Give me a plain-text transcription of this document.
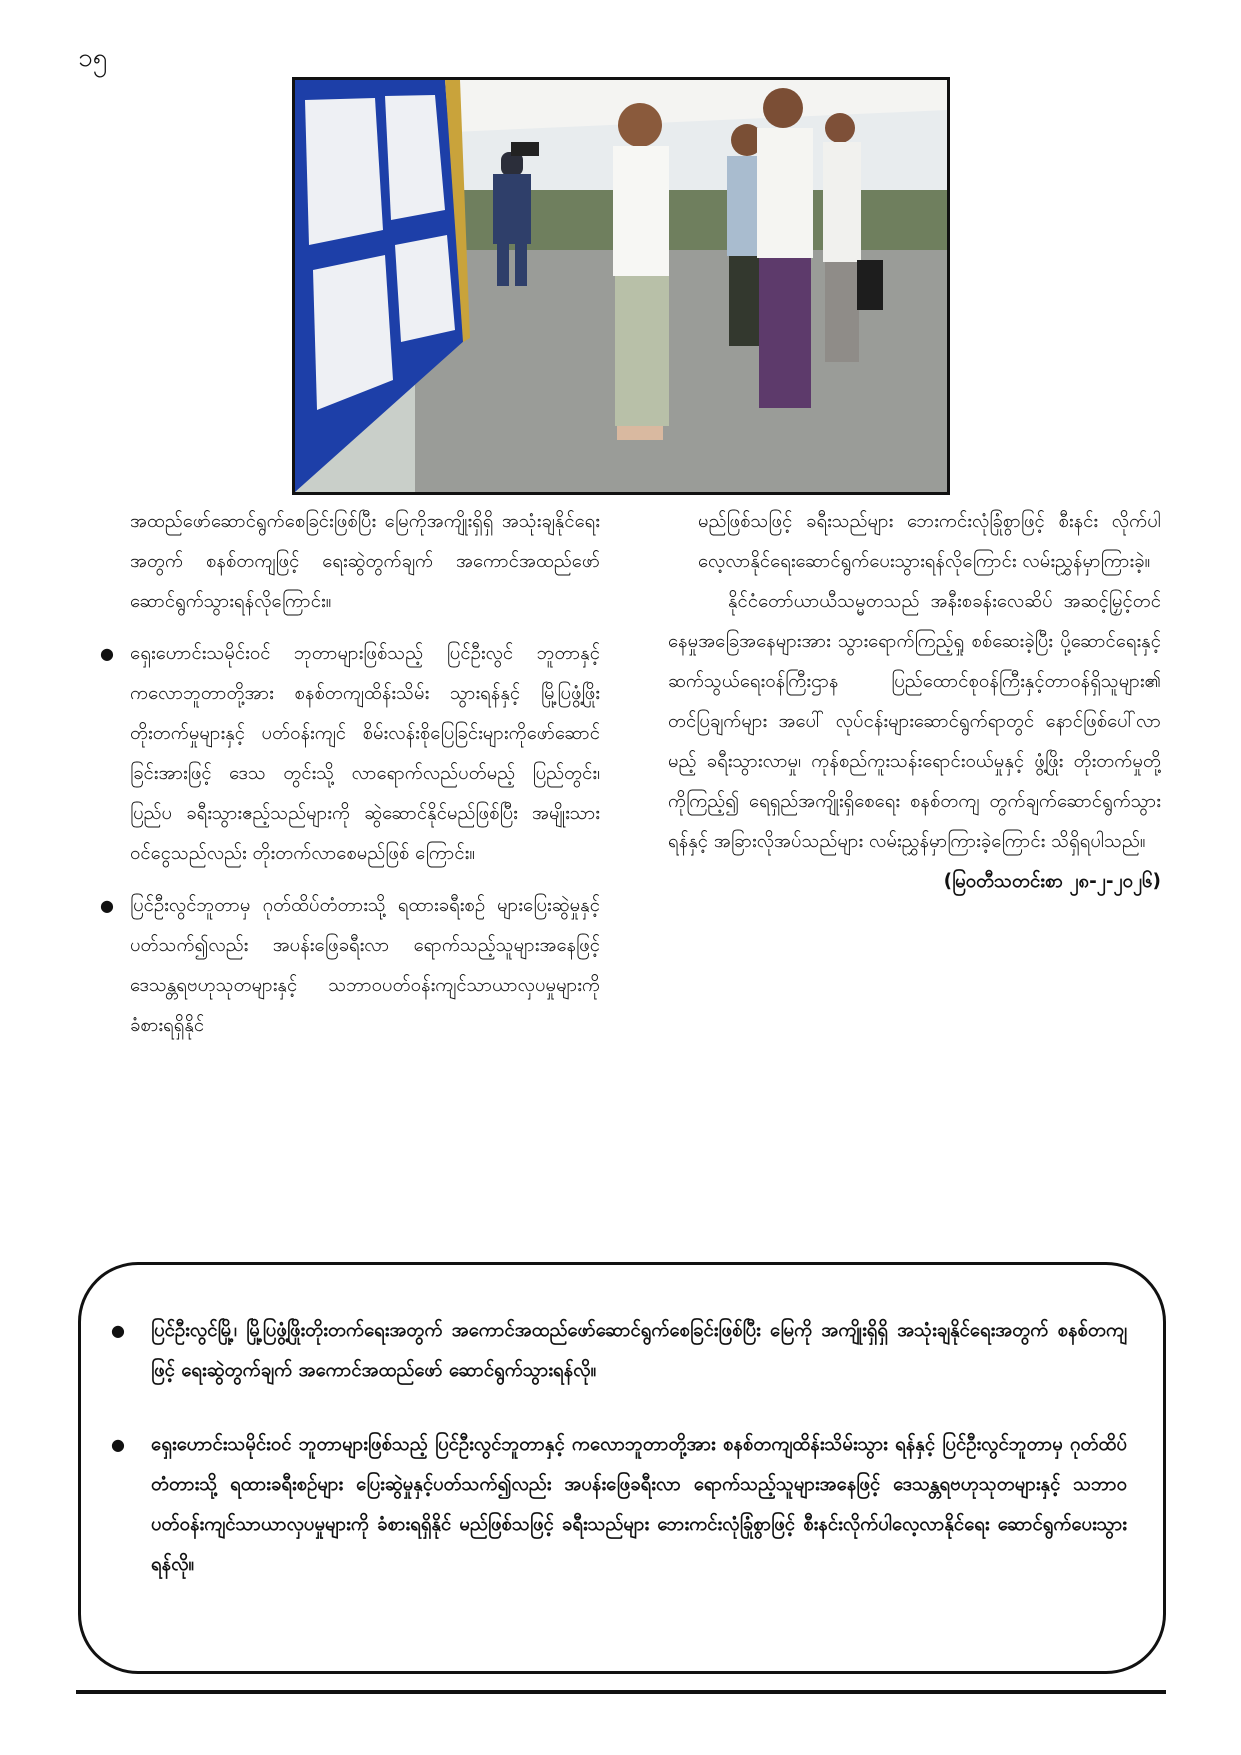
၁၅

အထည်ဖော်ဆောင်ရွက်စေခြင်းဖြစ်ပြီး မြေကိုအကျိုးရှိရှိ အသုံးချနိုင်ရေးအတွက် စနစ်တကျဖြင့် ရေးဆွဲတွက်ချက် အကောင်အထည်ဖော် ဆောင်ရွက်သွားရန်လိုကြောင်း။

● ရှေးဟောင်းသမိုင်းဝင် ဘုတာများဖြစ်သည့် ပြင်ဦးလွင် ဘူတာနှင့် ကလောဘူတာတို့အား စနစ်တကျထိန်းသိမ်း သွားရန်နှင့် မြို့ပြဖွံ့ဖြိုးတိုးတက်မှုများနှင့် ပတ်ဝန်းကျင် စိမ်းလန်းစိုပြေခြင်းများကိုဖော်ဆောင်ခြင်းအားဖြင့် ဒေသ တွင်းသို့ လာရောက်လည်ပတ်မည့် ပြည်တွင်း၊ ပြည်ပ ခရီးသွားဧည့်သည်များကို ဆွဲဆောင်နိုင်မည်ဖြစ်ပြီး အမျိုးသားဝင်ငွေသည်လည်း တိုးတက်လာစေမည်ဖြစ် ကြောင်း။
● ပြင်ဦးလွင်ဘူတာမှ ဂုတ်ထိပ်တံတားသို့ ရထားခရီးစဉ် များပြေးဆွဲမှုနှင့်ပတ်သက်၍လည်း အပန်းဖြေခရီးလာ ရောက်သည့်သူများအနေဖြင့် ဒေသန္တရဗဟုသုတများနှင့် သဘာဝပတ်ဝန်းကျင်သာယာလှပမှုများကို ခံစားရရှိနိုင်

မည်ဖြစ်သဖြင့် ခရီးသည်များ ဘေးကင်းလုံခြုံစွာဖြင့် စီးနင်း လိုက်ပါလေ့လာနိုင်ရေးဆောင်ရွက်ပေးသွားရန်လိုကြောင်း လမ်းညွှန်မှာကြားခဲ့။

နိုင်ငံတော်ယာယီသမ္မတသည် အနီးစခန်းလေဆိပ် အဆင့်မြှင့်တင်နေမှုအခြေအနေများအား သွားရောက်ကြည့်ရှု စစ်ဆေးခဲ့ပြီး ပို့ဆောင်ရေးနှင့် ဆက်သွယ်ရေးဝန်ကြီးဌာန ပြည်ထောင်စုဝန်ကြီးနှင့်တာဝန်ရှိသူများ၏ တင်ပြချက်များ အပေါ် လုပ်ငန်းများဆောင်ရွက်ရာတွင် နောင်ဖြစ်ပေါ်လာ မည့် ခရီးသွားလာမှု၊ ကုန်စည်ကူးသန်းရောင်းဝယ်မှုနှင့် ဖွံ့ဖြိုး တိုးတက်မှုတို့ကိုကြည့်၍ ရေရှည်အကျိုးရှိစေရေး စနစ်တကျ တွက်ချက်ဆောင်ရွက်သွားရန်နှင့် အခြားလိုအပ်သည်များ လမ်းညွှန်မှာကြားခဲ့ကြောင်း သိရှိရပါသည်။

(မြဝတီသတင်းစာ ၂၈-၂-၂၀၂၆)

● ပြင်ဦးလွင်မြို့၊ မြို့ပြဖွံ့ဖြိုးတိုးတက်ရေးအတွက် အကောင်အထည်ဖော်ဆောင်ရွက်စေခြင်းဖြစ်ပြီး မြေကို အကျိုးရှိရှိ အသုံးချနိုင်ရေးအတွက် စနစ်တကျဖြင့် ရေးဆွဲတွက်ချက် အကောင်အထည်ဖော် ဆောင်ရွက်သွားရန်လို။
● ရှေးဟောင်းသမိုင်းဝင် ဘူတာများဖြစ်သည့် ပြင်ဦးလွင်ဘူတာနှင့် ကလောဘူတာတို့အား စနစ်တကျထိန်းသိမ်းသွား ရန်နှင့် ပြင်ဦးလွင်ဘူတာမှ ဂုတ်ထိပ်တံတားသို့ ရထားခရီးစဉ်များ ပြေးဆွဲမှုနှင့်ပတ်သက်၍လည်း အပန်းဖြေခရီးလာ ရောက်သည့်သူများအနေဖြင့် ဒေသန္တရဗဟုသုတများနှင့် သဘာဝပတ်ဝန်းကျင်သာယာလှပမှုများကို ခံစားရရှိနိုင် မည်ဖြစ်သဖြင့် ခရီးသည်များ ဘေးကင်းလုံခြုံစွာဖြင့် စီးနင်းလိုက်ပါလေ့လာနိုင်ရေး ဆောင်ရွက်ပေးသွားရန်လို။
